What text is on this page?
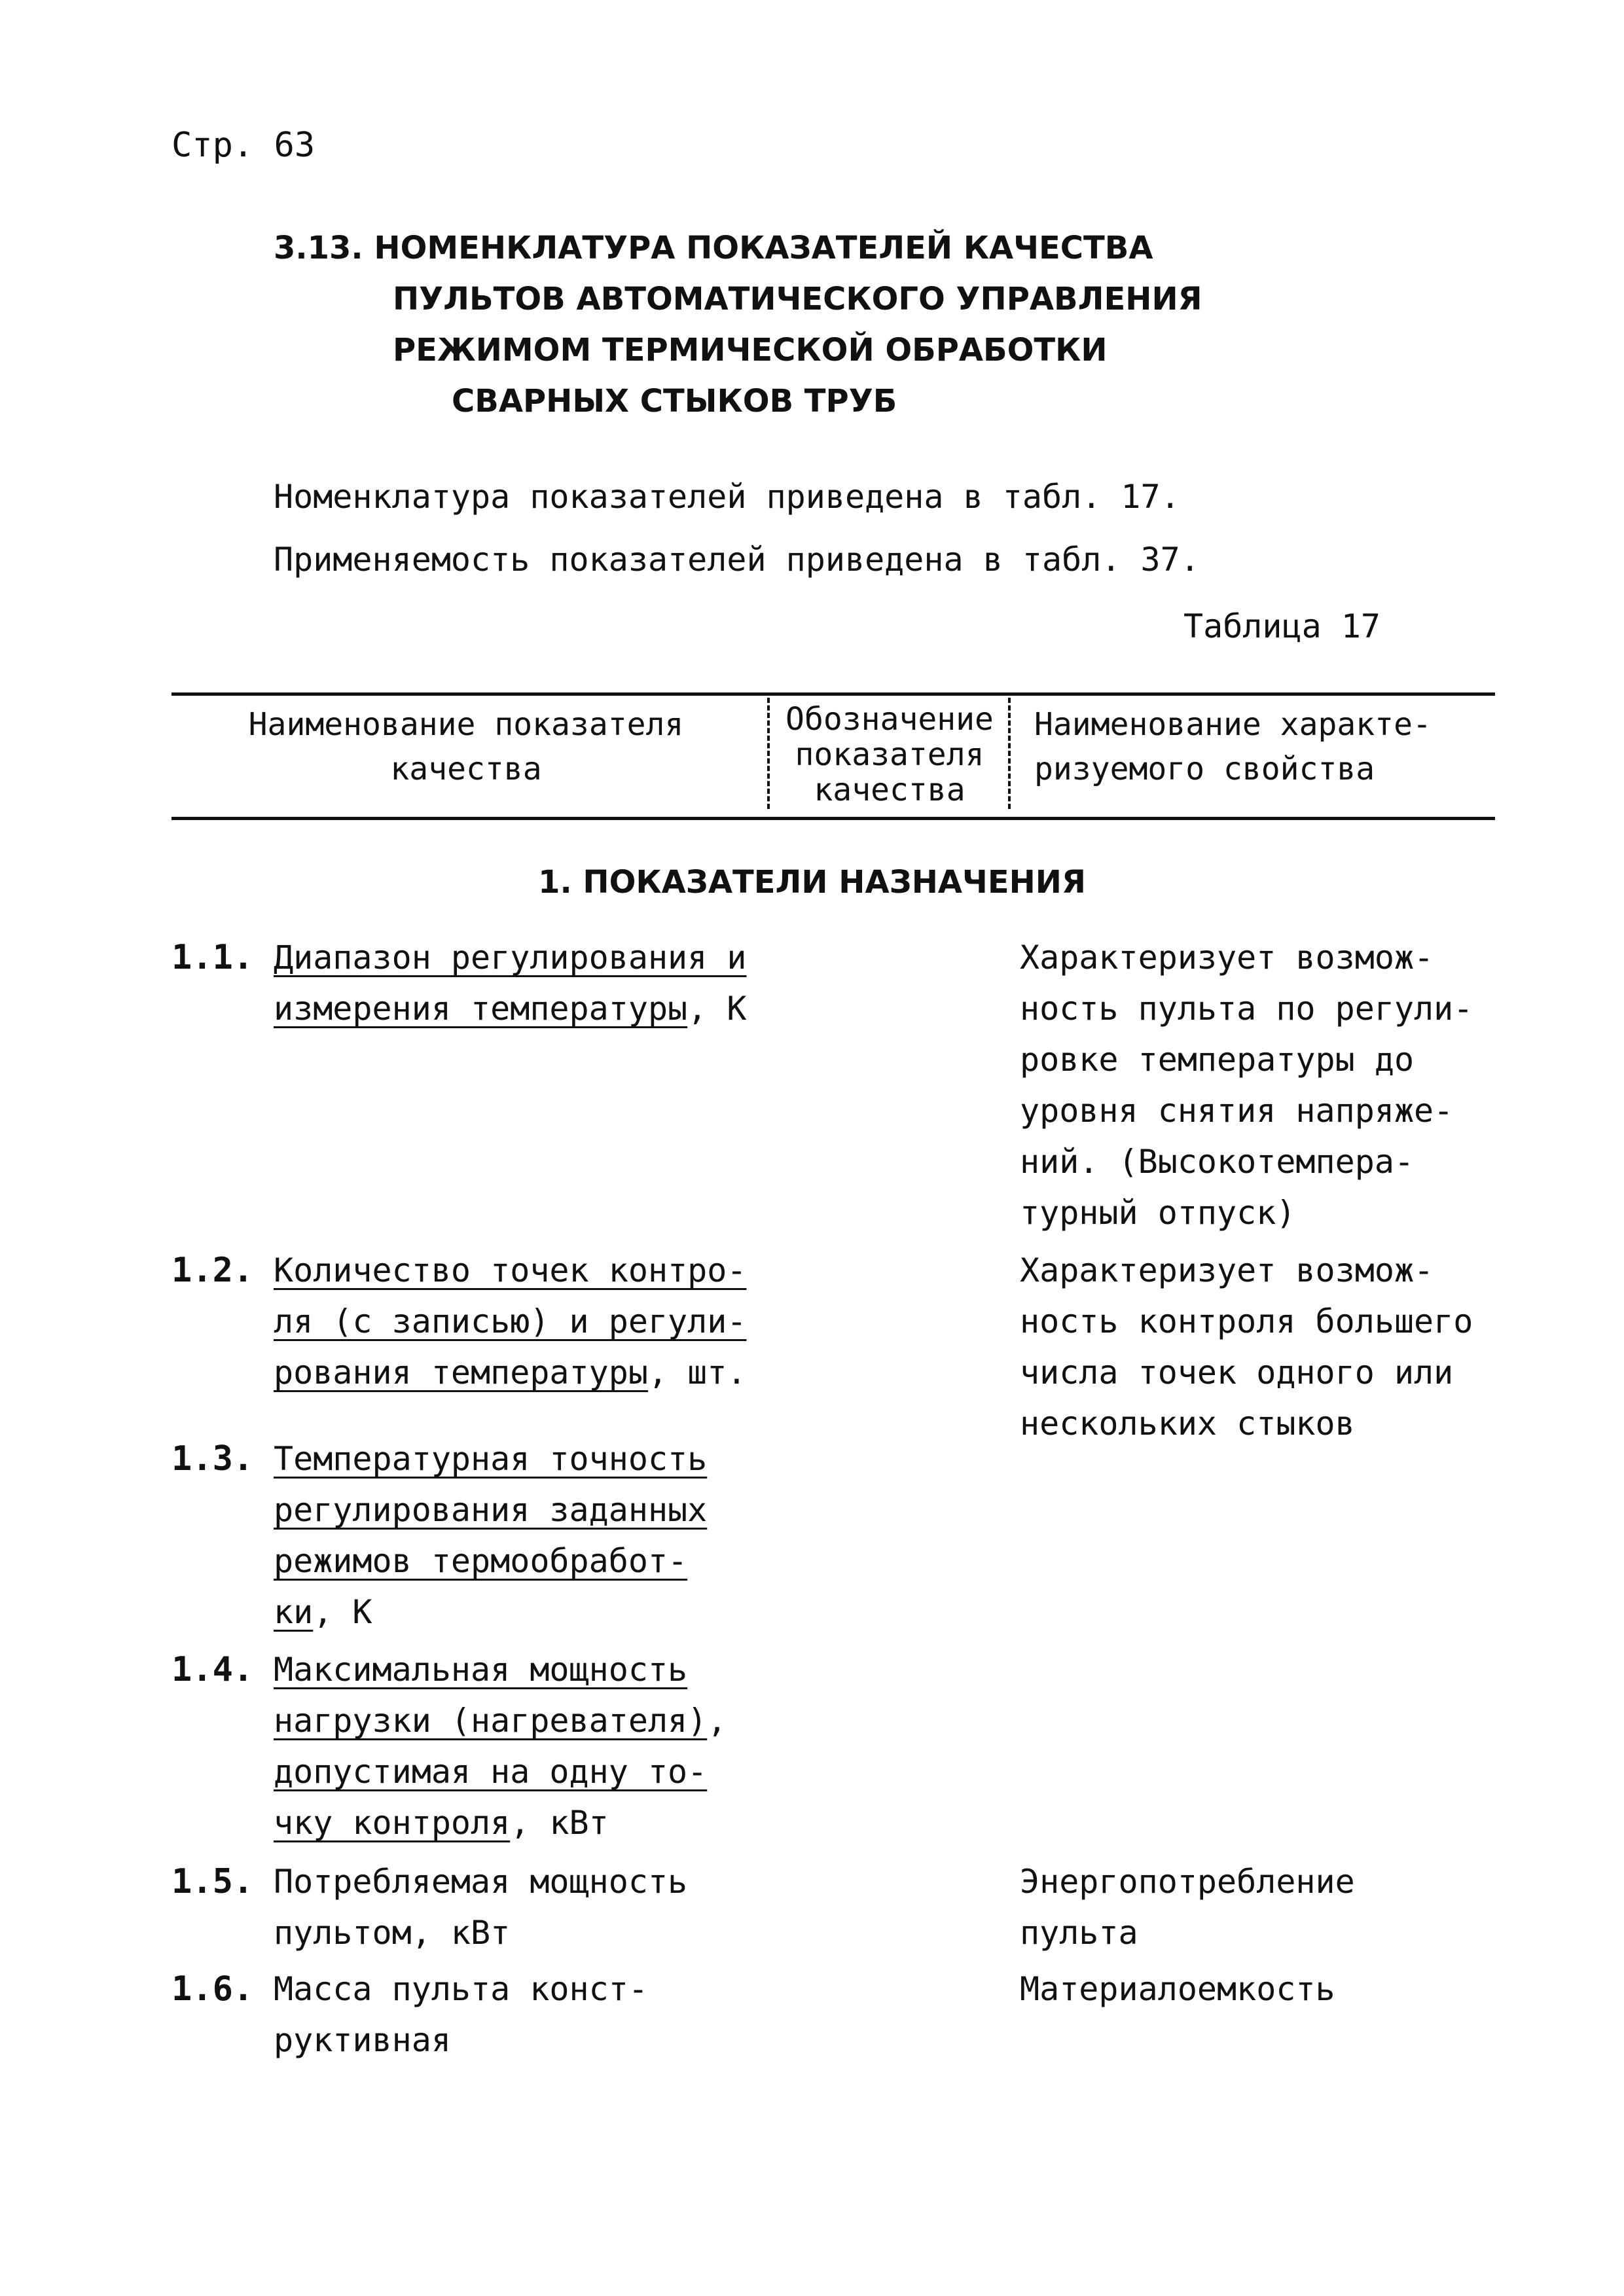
Стр. 63
3.13. НОМЕНКЛАТУРА ПОКАЗАТЕЛЕЙ КАЧЕСТВА
ПУЛЬТОВ АВТОМАТИЧЕСКОГО УПРАВЛЕНИЯ
РЕЖИМОМ ТЕРМИЧЕСКОЙ ОБРАБОТКИ
СВАРНЫХ СТЫКОВ ТРУБ
Номенклатура показателей приведена в табл. 17.
Применяемость показателей приведена в табл. 37.
Таблица 17
Наименование показателя
качества
Обозначение
показателя
качества
Наименование характе-
ризуемого свойства
1. ПОКАЗАТЕЛИ НАЗНАЧЕНИЯ
1.1. Диапазон регулирования и
измерения температуры, К
Характеризует возмож-
ность пульта по регули-
ровке температуры до
уровня снятия напряже-
ний. (Высокотемпера-
турный отпуск)
1.2. Количество точек контро-
ля (с записью) и регули-
рования температуры, шт.
Характеризует возмож-
ность контроля большего
числа точек одного или
нескольких стыков
1.3. Температурная точность
регулирования заданных
режимов термообработ-
ки, К
1.4. Максимальная мощность
нагрузки (нагревателя),
допустимая на одну то-
чку контроля, кВт
1.5. Потребляемая мощность
пультом, кВт
Энергопотребление
пульта
1.6. Масса пульта конст-
руктивная
Материалоемкость
